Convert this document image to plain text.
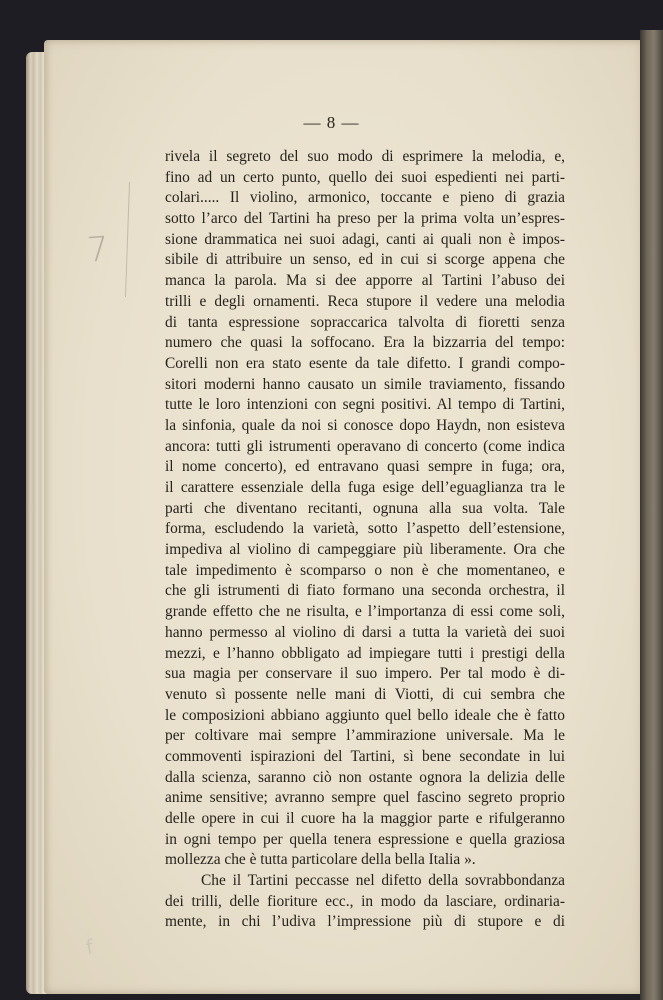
7
f
— 8 —
rivela il segreto del suo modo di esprimere la melodia, e,
fino ad un certo punto, quello dei suoi espedienti nei parti-
colari..... Il violino, armonico, toccante e pieno di grazia
sotto l’arco del Tartini ha preso per la prima volta un’espres-
sione drammatica nei suoi adagi, canti ai quali non è impos-
sibile di attribuire un senso, ed in cui si scorge appena che
manca la parola. Ma si dee apporre al Tartini l’abuso dei
trilli e degli ornamenti. Reca stupore il vedere una melodia
di tanta espressione sopraccarica talvolta di fioretti senza
numero che quasi la soffocano. Era la bizzarria del tempo:
Corelli non era stato esente da tale difetto. I grandi compo-
sitori moderni hanno causato un simile traviamento, fissando
tutte le loro intenzioni con segni positivi. Al tempo di Tartini,
la sinfonia, quale da noi si conosce dopo Haydn, non esisteva
ancora: tutti gli istrumenti operavano di concerto (come indica
il nome concerto), ed entravano quasi sempre in fuga; ora,
il carattere essenziale della fuga esige dell’eguaglianza tra le
parti che diventano recitanti, ognuna alla sua volta. Tale
forma, escludendo la varietà, sotto l’aspetto dell’estensione,
impediva al violino di campeggiare più liberamente. Ora che
tale impedimento è scomparso o non è che momentaneo, e
che gli istrumenti di fiato formano una seconda orchestra, il
grande effetto che ne risulta, e l’importanza di essi come soli,
hanno permesso al violino di darsi a tutta la varietà dei suoi
mezzi, e l’hanno obbligato ad impiegare tutti i prestigi della
sua magia per conservare il suo impero. Per tal modo è di-
venuto sì possente nelle mani di Viotti, di cui sembra che
le composizioni abbiano aggiunto quel bello ideale che è fatto
per coltivare mai sempre l’ammirazione universale. Ma le
commoventi ispirazioni del Tartini, sì bene secondate in lui
dalla scienza, saranno ciò non ostante ognora la delizia delle
anime sensitive; avranno sempre quel fascino segreto proprio
delle opere in cui il cuore ha la maggior parte e rifulgeranno
in ogni tempo per quella tenera espressione e quella graziosa
mollezza che è tutta particolare della bella Italia ».
Che il Tartini peccasse nel difetto della sovrabbondanza
dei trilli, delle fioriture ecc., in modo da lasciare, ordinaria-
mente, in chi l’udiva l’impressione più di stupore e di
